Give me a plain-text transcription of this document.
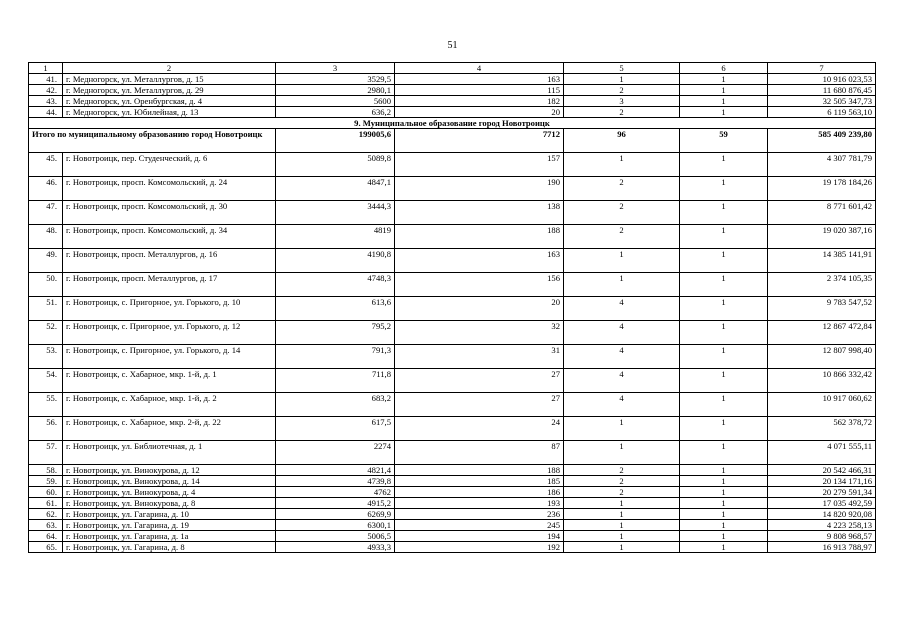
51
1	2	3	4	5	6	7
41.	г. Медногорск, ул. Металлургов, д. 15	3529,5	163	1	1	10 916 023,53
42.	г. Медногорск, ул. Металлургов, д. 29	2980,1	115	2	1	11 680 876,45
43.	г. Медногорск, ул. Оренбургская, д. 4	5600	182	3	1	32 505 347,73
44.	г. Медногорск, ул. Юбилейная, д. 13	636,2	20	2	1	6 119 563,10
9. Муниципальное образование город Новотроицк						
Итого по муниципальному образованию город Новотроицк		199005,6	7712	96	59	585 409 239,80
45.	г. Новотроицк, пер. Студенческий, д. 6	5089,8	157	1	1	4 307 781,79
46.	г. Новотроицк, просп. Комсомольский, д. 24	4847,1	190	2	1	19 178 184,26
47.	г. Новотроицк, просп. Комсомольский, д. 30	3444,3	138	2	1	8 771 601,42
48.	г. Новотроицк, просп. Комсомольский, д. 34	4819	188	2	1	19 020 387,16
49.	г. Новотроицк, просп. Металлургов, д. 16	4190,8	163	1	1	14 385 141,91
50.	г. Новотроицк, просп. Металлургов, д. 17	4748,3	156	1	1	2 374 105,35
51.	г. Новотроицк, с. Пригорное, ул. Горького, д. 10	613,6	20	4	1	9 783 547,52
52.	г. Новотроицк, с. Пригорное, ул. Горького, д. 12	795,2	32	4	1	12 867 472,84
53.	г. Новотроицк, с. Пригорное, ул. Горького, д. 14	791,3	31	4	1	12 807 998,40
54.	г. Новотроицк, с. Хабарное, мкр. 1-й, д. 1	711,8	27	4	1	10 866 332,42
55.	г. Новотроицк, с. Хабарное, мкр. 1-й, д. 2	683,2	27	4	1	10 917 060,62
56.	г. Новотроицк, с. Хабарное, мкр. 2-й, д. 22	617,5	24	1	1	562 378,72
57.	г. Новотроицк, ул. Библиотечная, д. 1	2274	87	1	1	4 071 555,11
58.	г. Новотроицк, ул. Винокурова, д. 12	4821,4	188	2	1	20 542 466,31
59.	г. Новотроицк, ул. Винокурова, д. 14	4739,8	185	2	1	20 134 171,16
60.	г. Новотроицк, ул. Винокурова, д. 4	4762	186	2	1	20 279 591,34
61.	г. Новотроицк, ул. Винокурова, д. 8	4915,2	193	1	1	17 035 492,59
62.	г. Новотроицк, ул. Гагарина, д. 10	6269,9	236	1	1	14 820 920,08
63.	г. Новотроицк, ул. Гагарина, д. 19	6300,1	245	1	1	4 223 258,13
64.	г. Новотроицк, ул. Гагарина, д. 1а	5006,5	194	1	1	9 808 968,57
65.	г. Новотроицк, ул. Гагарина, д. 8	4933,3	192	1	1	16 913 788,97
